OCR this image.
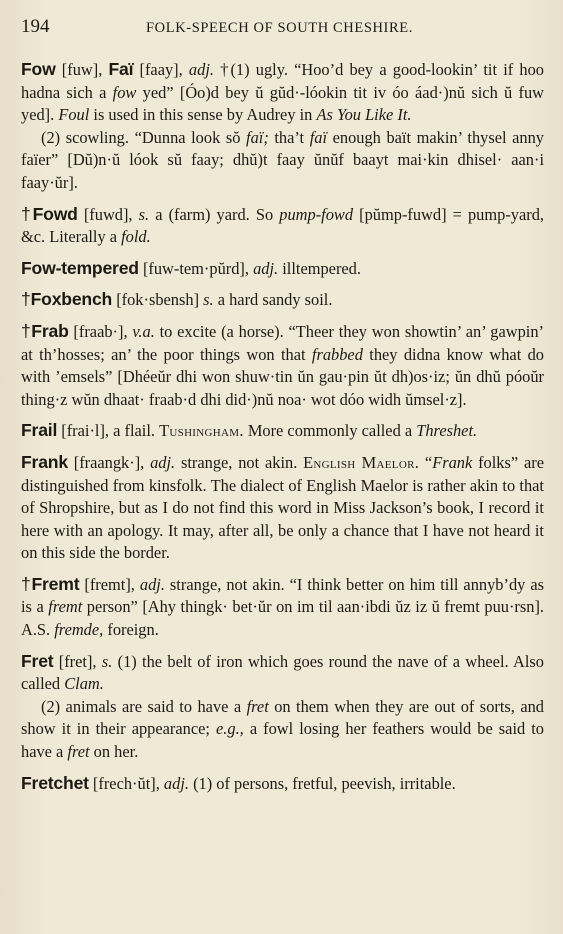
194	FOLK-SPEECH OF SOUTH CHESHIRE.
Fow [fuw], Faï [faay], adj. †(1) ugly. “Hoo’d bey a good-lookin’ tit if hoo hadna sich a fow yed” [Óo)d bey ŭ gŭd·-lóokin tit iv óo áad·)nŭ sich ŭ fuw yed]. Foul is used in this sense by Audrey in As You Like It.
(2) scowling. “Dunna look sŏ faï; tha’t faï enough baït makin’ thysel anny faïer” [Dŭ)n·ŭ lóok sŭ faay; dhŭ)t faay ŭnŭf baayt mai·kin dhisel· aan·i faay·ŭr].
†Fowd [fuwd], s. a (farm) yard. So pump-fowd [pŭmp-fuwd] = pump-yard, &c. Literally a fold.
Fow-tempered [fuw-tem·pŭrd], adj. illtempered.
†Foxbench [fok·sbensh] s. a hard sandy soil.
†Frab [fraab·], v.a. to excite (a horse). “Theer they won showtin’ an’ gawpin’ at th’hosses; an’ the poor things won that frabbed they didna know what do with ’emsels” [Dhéeŭr dhi won shuw·tin ŭn gau·pin ŭt dh)os·iz; ŭn dhŭ póoŭr thing·z wŭn dhaat· fraab·d dhi did·)nŭ noa· wot dóo widh ŭmsel·z].
Frail [frai·l], a flail. Tushingham. More commonly called a Threshet.
Frank [fraangk·], adj. strange, not akin. English Maelor. “Frank folks” are distinguished from kinsfolk. The dialect of English Maelor is rather akin to that of Shropshire, but as I do not find this word in Miss Jackson’s book, I record it here with an apology. It may, after all, be only a chance that I have not heard it on this side the border.
†Fremt [fremt], adj. strange, not akin. “I think better on him till annyb’dy as is a fremt person” [Ahy thingk· bet·ŭr on im til aan·ibdi ŭz iz ŭ fremt puu·rsn]. A.S. fremde, foreign.
Fret [fret], s. (1) the belt of iron which goes round the nave of a wheel. Also called Clam.
(2) animals are said to have a fret on them when they are out of sorts, and show it in their appearance; e.g., a fowl losing her feathers would be said to have a fret on her.
Fretchet [frech·ŭt], adj. (1) of persons, fretful, peevish, irritable.
